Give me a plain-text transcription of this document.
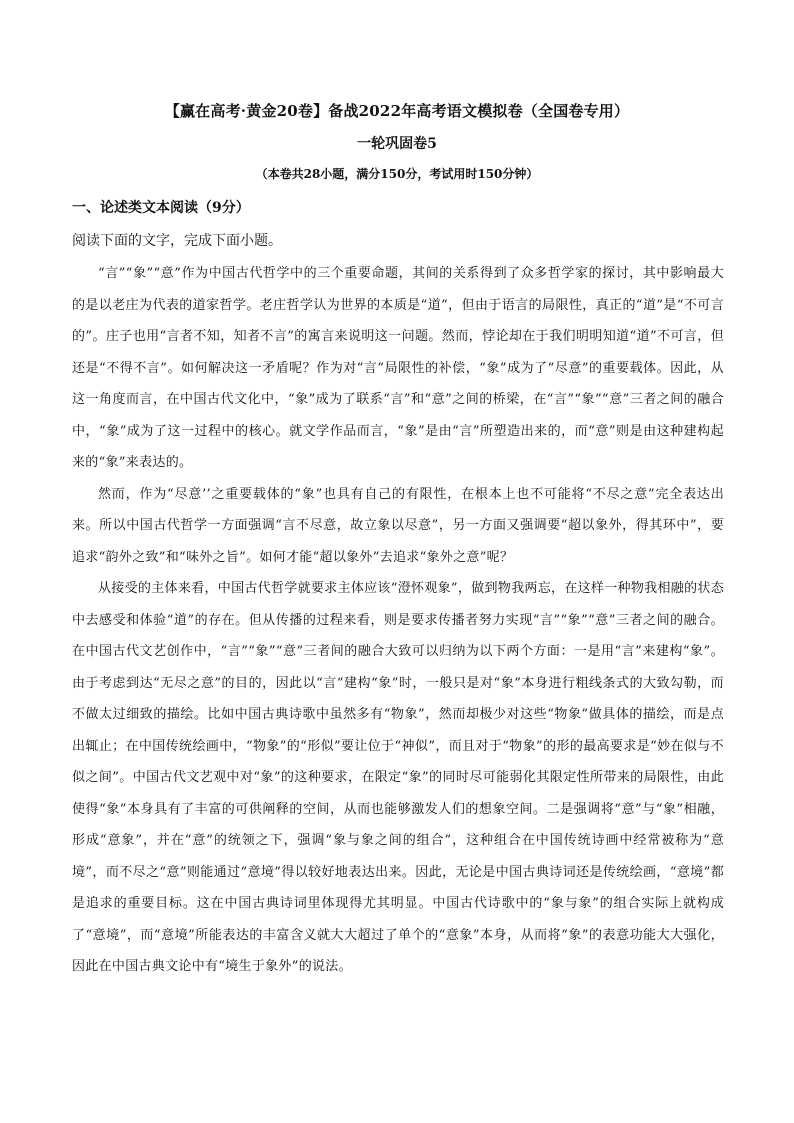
【赢在高考·黄金20卷】备战2022年高考语文模拟卷（全国卷专用）
一轮巩固卷5
（本卷共28小题，满分150分，考试用时150分钟）
一、论述类文本阅读（9分）
阅读下面的文字，完成下面小题。

“言”“象”“意”作为中国古代哲学中的三个重要命题，其间的关系得到了众多哲学家的探讨，其中影响最大的是以老庄为代表的道家哲学。老庄哲学认为世界的本质是“道”，但由于语言的局限性，真正的“道”是“不可言的”。庄子也用“言者不知，知者不言”的寓言来说明这一问题。然而，悖论却在于我们明明知道“道”不可言，但还是“不得不言”。如何解决这一矛盾呢？作为对“言”局限性的补偿，“象”成为了“尽意”的重要载体。因此，从这一角度而言，在中国古代文化中，“象”成为了联系“言”和“意”之间的桥梁，在“言”“象”“意”三者之间的融合中，“象”成为了这一过程中的核心。就文学作品而言，“象”是由“言”所塑造出来的，而“意”则是由这种建构起来的“象”来表达的。

然而，作为“尽意’’之重要载体的“象”也具有自己的有限性，在根本上也不可能将“不尽之意”完全表达出来。所以中国古代哲学一方面强调“言不尽意，故立象以尽意”，另一方面又强调要“超以象外，得其环中”，要追求“韵外之致”和“味外之旨”。如何才能“超以象外”去追求“象外之意”呢？

从接受的主体来看，中国古代哲学就要求主体应该“澄怀观象”，做到物我两忘，在这样一种物我相融的状态中去感受和体验“道”的存在。但从传播的过程来看，则是要求传播者努力实现“言”“象”“意”三者之间的融合。在中国古代文艺创作中，“言”“象”“意”三者间的融合大致可以归纳为以下两个方面：一是用“言”来建构“象”。由于考虑到达“无尽之意”的目的，因此以“言”建构“象”时，一般只是对“象”本身进行粗线条式的大致勾勒，而不做太过细致的描绘。比如中国古典诗歌中虽然多有“物象”，然而却极少对这些“物象”做具体的描绘，而是点出辄止；在中国传统绘画中，“物象”的“形似”要让位于“神似”，而且对于“物象”的形的最高要求是“妙在似与不似之间”。中国古代文艺观中对“象”的这种要求，在限定“象”的同时尽可能弱化其限定性所带来的局限性，由此使得“象”本身具有了丰富的可供阐释的空间，从而也能够激发人们的想象空间。二是强调将“意”与“象”相融，形成“意象”，并在“意”的统领之下，强调“象与象之间的组合”，这种组合在中国传统诗画中经常被称为“意境”，而不尽之“意”则能通过“意境”得以较好地表达出来。因此，无论是中国古典诗词还是传统绘画，“意境”都是追求的重要目标。这在中国古典诗词里体现得尤其明显。中国古代诗歌中的“象与象”的组合实际上就构成了“意境”，而“意境”所能表达的丰富含义就大大超过了单个的“意象”本身，从而将“象”的表意功能大大强化，因此在中国古典文论中有“境生于象外”的说法。
